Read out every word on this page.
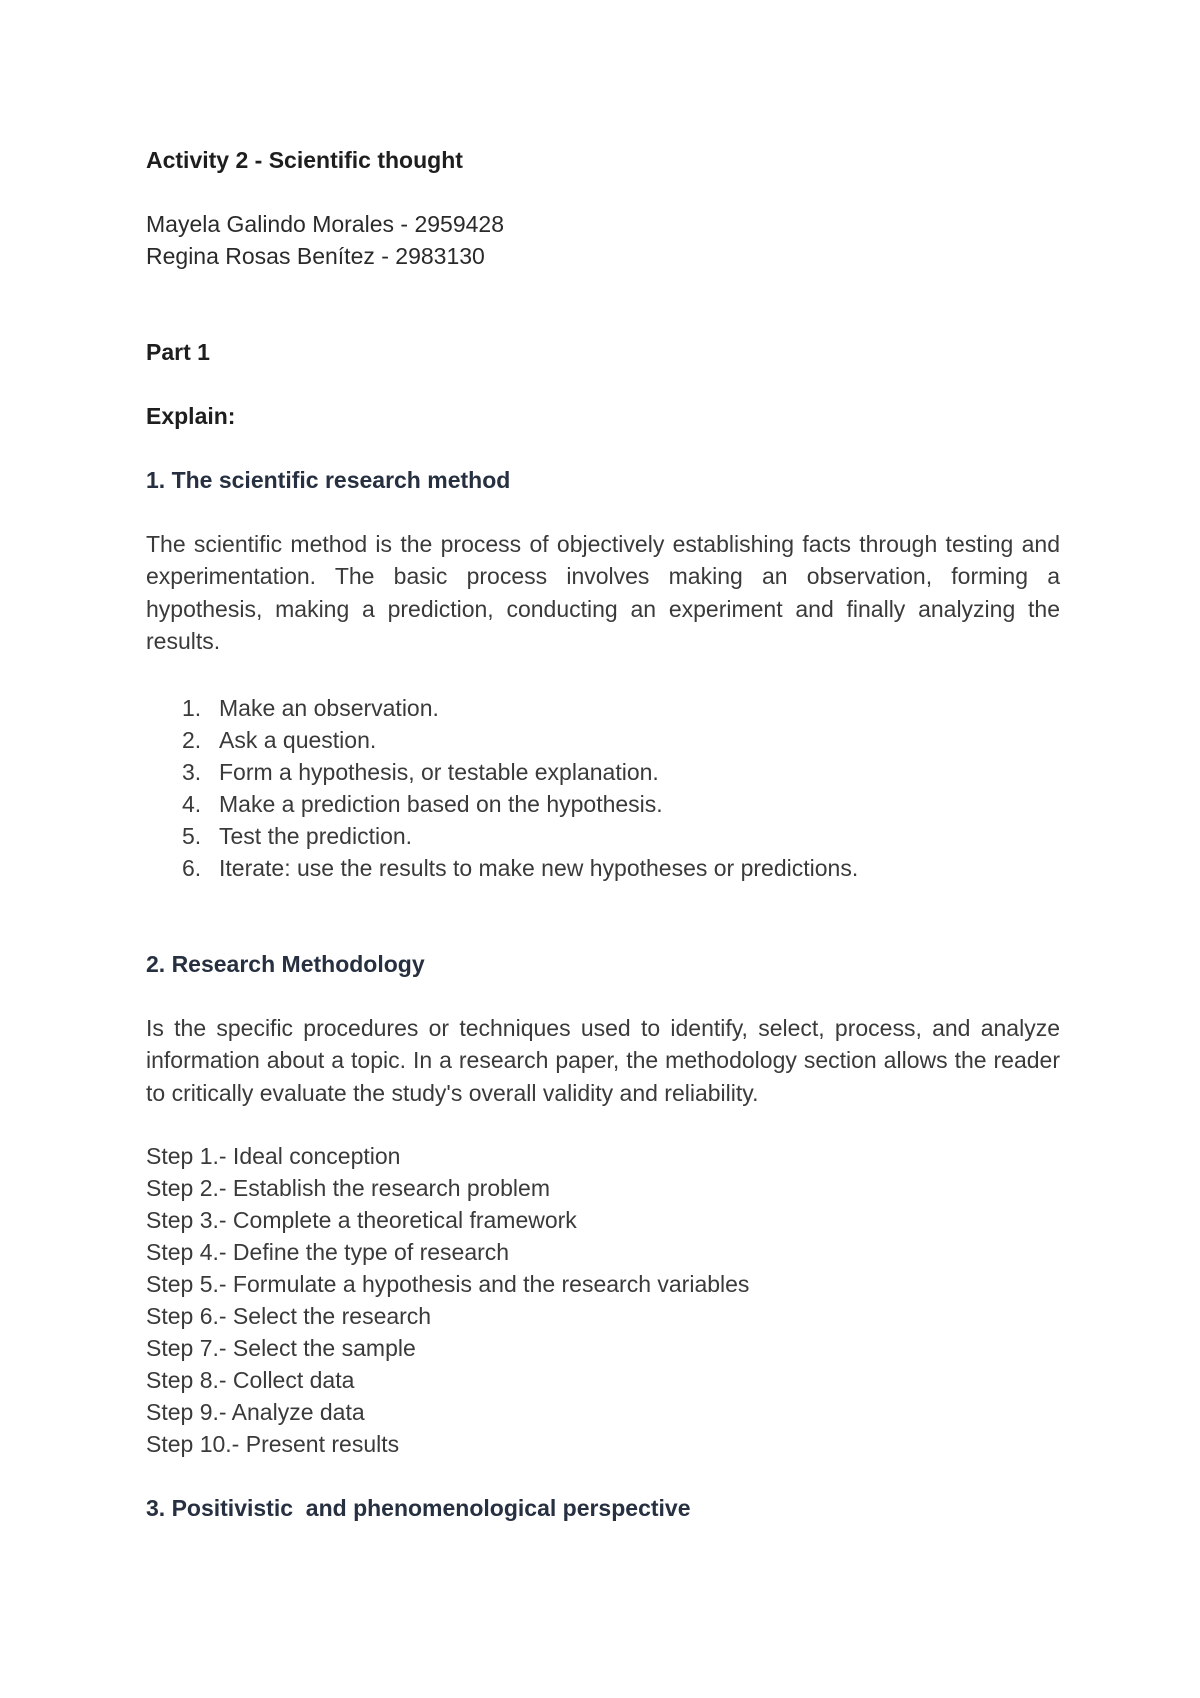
Activity 2 - Scientific thought
Mayela Galindo Morales - 2959428
Regina Rosas Benítez - 2983130
Part 1
Explain:
1. The scientific research method
The scientific method is the process of objectively establishing facts through testing and experimentation. The basic process involves making an observation, forming a hypothesis, making a prediction, conducting an experiment and finally analyzing the results.
1. Make an observation.
2. Ask a question.
3. Form a hypothesis, or testable explanation.
4. Make a prediction based on the hypothesis.
5. Test the prediction.
6. Iterate: use the results to make new hypotheses or predictions.
2. Research Methodology
Is the specific procedures or techniques used to identify, select, process, and analyze information about a topic. In a research paper, the methodology section allows the reader to critically evaluate the study's overall validity and reliability.
Step 1.- Ideal conception
Step 2.- Establish the research problem
Step 3.- Complete a theoretical framework
Step 4.- Define the type of research
Step 5.- Formulate a hypothesis and the research variables
Step 6.- Select the research
Step 7.- Select the sample
Step 8.- Collect data
Step 9.- Analyze data
Step 10.- Present results
3. Positivistic  and phenomenological perspective
